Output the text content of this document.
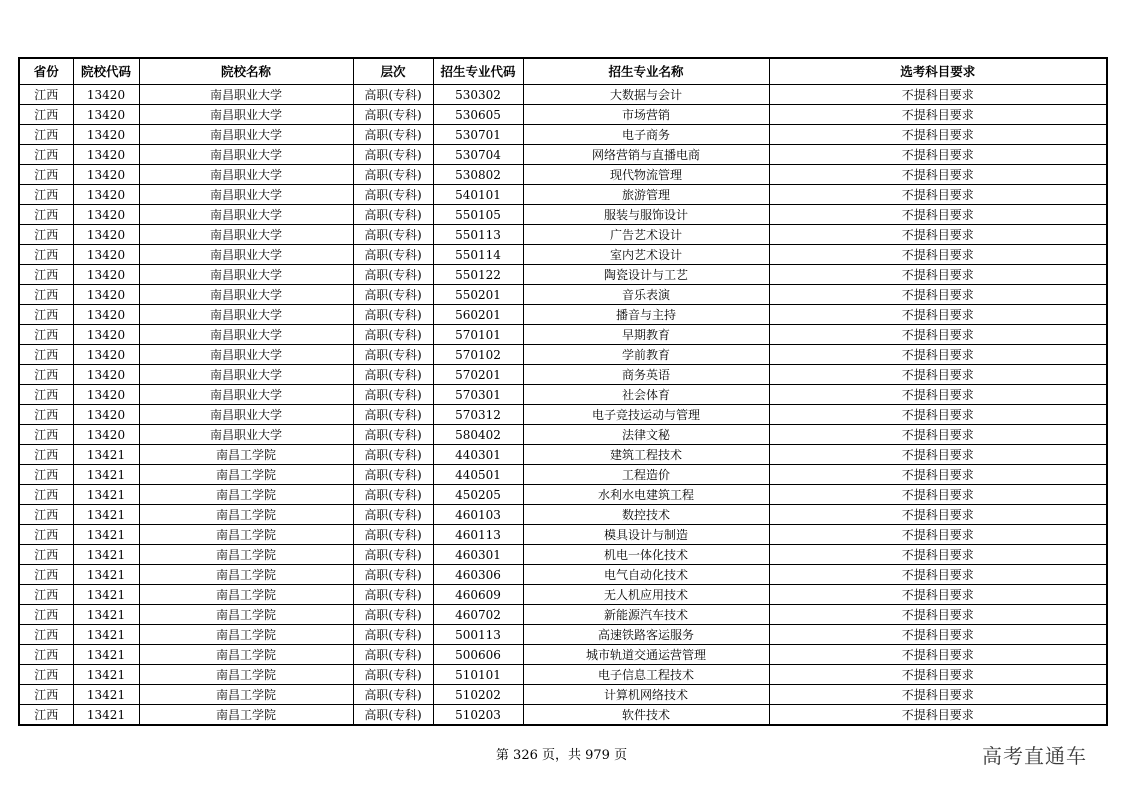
省份	院校代码	院校名称	层次	招生专业代码	招生专业名称	选考科目要求
江西	13420	南昌职业大学	高职(专科)	530302	大数据与会计	不提科目要求
江西	13420	南昌职业大学	高职(专科)	530605	市场营销	不提科目要求
江西	13420	南昌职业大学	高职(专科)	530701	电子商务	不提科目要求
江西	13420	南昌职业大学	高职(专科)	530704	网络营销与直播电商	不提科目要求
江西	13420	南昌职业大学	高职(专科)	530802	现代物流管理	不提科目要求
江西	13420	南昌职业大学	高职(专科)	540101	旅游管理	不提科目要求
江西	13420	南昌职业大学	高职(专科)	550105	服装与服饰设计	不提科目要求
江西	13420	南昌职业大学	高职(专科)	550113	广告艺术设计	不提科目要求
江西	13420	南昌职业大学	高职(专科)	550114	室内艺术设计	不提科目要求
江西	13420	南昌职业大学	高职(专科)	550122	陶瓷设计与工艺	不提科目要求
江西	13420	南昌职业大学	高职(专科)	550201	音乐表演	不提科目要求
江西	13420	南昌职业大学	高职(专科)	560201	播音与主持	不提科目要求
江西	13420	南昌职业大学	高职(专科)	570101	早期教育	不提科目要求
江西	13420	南昌职业大学	高职(专科)	570102	学前教育	不提科目要求
江西	13420	南昌职业大学	高职(专科)	570201	商务英语	不提科目要求
江西	13420	南昌职业大学	高职(专科)	570301	社会体育	不提科目要求
江西	13420	南昌职业大学	高职(专科)	570312	电子竞技运动与管理	不提科目要求
江西	13420	南昌职业大学	高职(专科)	580402	法律文秘	不提科目要求
江西	13421	南昌工学院	高职(专科)	440301	建筑工程技术	不提科目要求
江西	13421	南昌工学院	高职(专科)	440501	工程造价	不提科目要求
江西	13421	南昌工学院	高职(专科)	450205	水利水电建筑工程	不提科目要求
江西	13421	南昌工学院	高职(专科)	460103	数控技术	不提科目要求
江西	13421	南昌工学院	高职(专科)	460113	模具设计与制造	不提科目要求
江西	13421	南昌工学院	高职(专科)	460301	机电一体化技术	不提科目要求
江西	13421	南昌工学院	高职(专科)	460306	电气自动化技术	不提科目要求
江西	13421	南昌工学院	高职(专科)	460609	无人机应用技术	不提科目要求
江西	13421	南昌工学院	高职(专科)	460702	新能源汽车技术	不提科目要求
江西	13421	南昌工学院	高职(专科)	500113	高速铁路客运服务	不提科目要求
江西	13421	南昌工学院	高职(专科)	500606	城市轨道交通运营管理	不提科目要求
江西	13421	南昌工学院	高职(专科)	510101	电子信息工程技术	不提科目要求
江西	13421	南昌工学院	高职(专科)	510202	计算机网络技术	不提科目要求
江西	13421	南昌工学院	高职(专科)	510203	软件技术	不提科目要求
第 326 页，共 979 页	高考直通车
